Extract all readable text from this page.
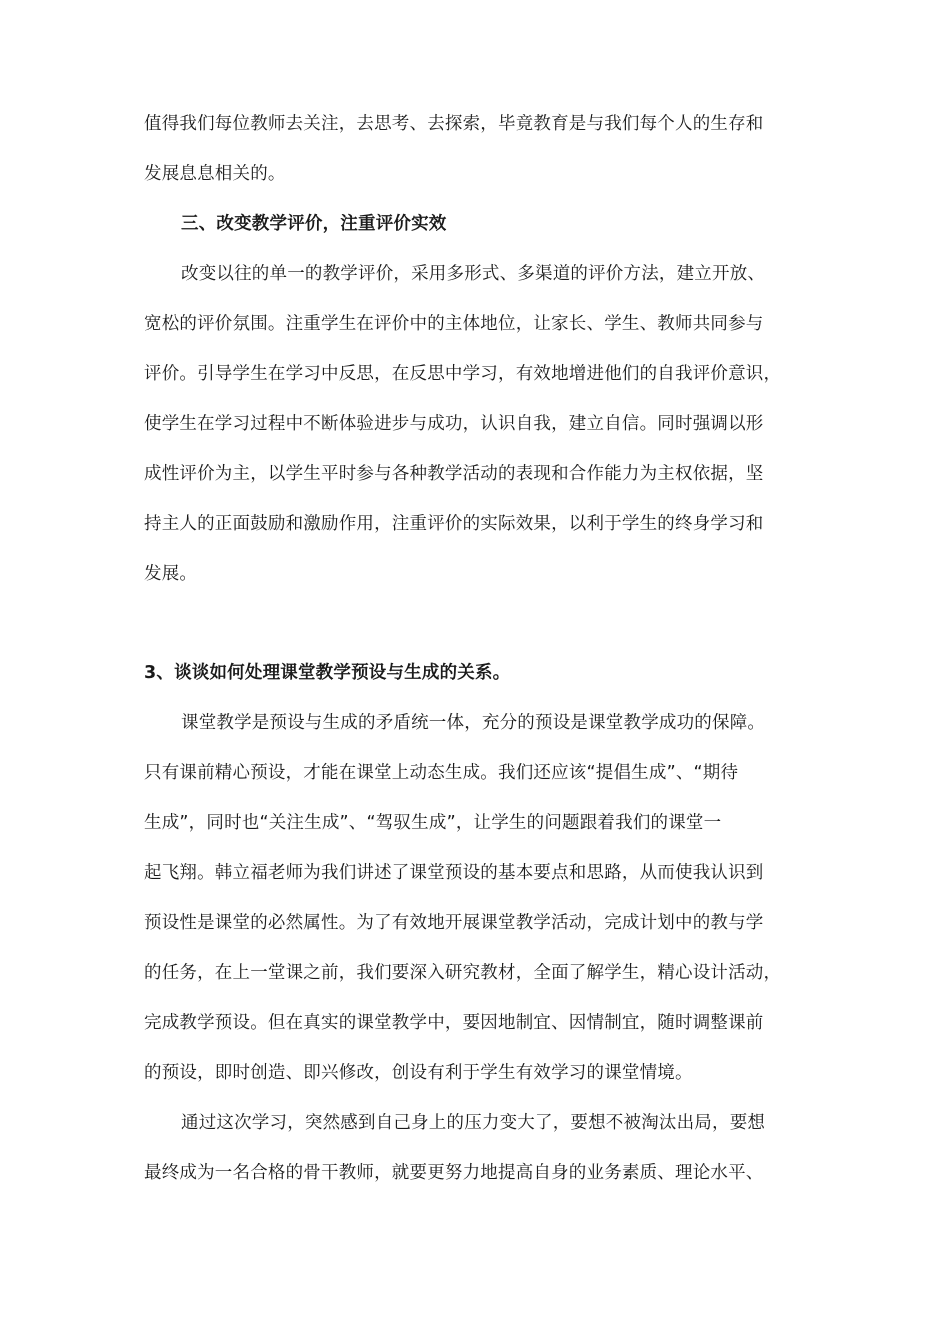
值得我们每位教师去关注，去思考、去探索，毕竟教育是与我们每个人的生存和
发展息息相关的。
三、改变教学评价，注重评价实效
改变以往的单一的教学评价，采用多形式、多渠道的评价方法，建立开放、
宽松的评价氛围。注重学生在评价中的主体地位，让家长、学生、教师共同参与
评价。引导学生在学习中反思，在反思中学习，有效地增进他们的自我评价意识，
使学生在学习过程中不断体验进步与成功，认识自我，建立自信。同时强调以形
成性评价为主，以学生平时参与各种教学活动的表现和合作能力为主权依据，坚
持主人的正面鼓励和激励作用，注重评价的实际效果，以利于学生的终身学习和
发展。
3、谈谈如何处理课堂教学预设与生成的关系。
课堂教学是预设与生成的矛盾统一体，充分的预设是课堂教学成功的保障。
只有课前精心预设，才能在课堂上动态生成。我们还应该“提倡生成”、“期待
生成”，同时也“关注生成”、“驾驭生成”，让学生的问题跟着我们的课堂一
起飞翔。韩立福老师为我们讲述了课堂预设的基本要点和思路，从而使我认识到
预设性是课堂的必然属性。为了有效地开展课堂教学活动，完成计划中的教与学
的任务，在上一堂课之前，我们要深入研究教材，全面了解学生，精心设计活动，
完成教学预设。但在真实的课堂教学中，要因地制宜、因情制宜，随时调整课前
的预设，即时创造、即兴修改，创设有利于学生有效学习的课堂情境。
通过这次学习，突然感到自己身上的压力变大了，要想不被淘汰出局，要想
最终成为一名合格的骨干教师，就要更努力地提高自身的业务素质、理论水平、
